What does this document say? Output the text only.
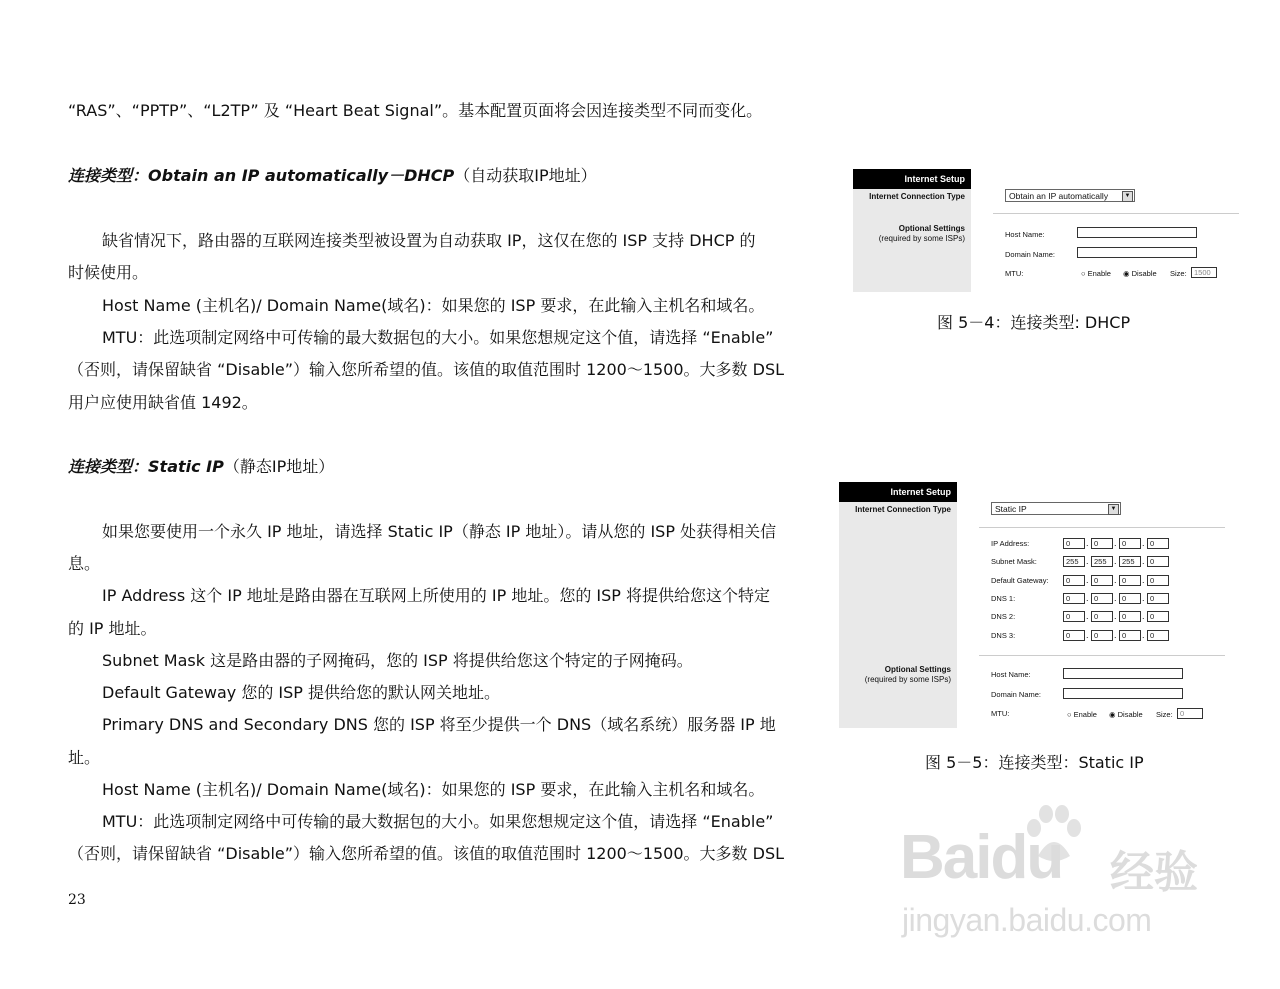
“RAS”、“PPTP”、“L2TP” 及 “Heart Beat Signal”。基本配置页面将会因连接类型不同而变化。
连接类型：Obtain an IP automatically－DHCP（自动获取IP地址）
缺省情况下，路由器的互联网连接类型被设置为自动获取 IP，这仅在您的 ISP 支持 DHCP 的
时候使用。
Host Name (主机名)/ Domain Name(域名)：如果您的 ISP 要求，在此输入主机名和域名。
MTU：此选项制定网络中可传输的最大数据包的大小。如果您想规定这个值，请选择 “Enable”
（否则，请保留缺省 “Disable”）输入您所希望的值。该值的取值范围时 1200～1500。大多数 DSL
用户应使用缺省值 1492。
连接类型：Static IP（静态IP地址）
如果您要使用一个永久 IP 地址，请选择 Static IP（静态 IP 地址）。请从您的 ISP 处获得相关信
息。
IP Address 这个 IP 地址是路由器在互联网上所使用的 IP 地址。您的 ISP 将提供给您这个特定
的 IP 地址。
Subnet Mask 这是路由器的子网掩码，您的 ISP 将提供给您这个特定的子网掩码。
Default Gateway 您的 ISP 提供给您的默认网关地址。
Primary DNS and Secondary DNS 您的 ISP 将至少提供一个 DNS（域名系统）服务器 IP 地
址。
Host Name (主机名)/ Domain Name(域名)：如果您的 ISP 要求，在此输入主机名和域名。
MTU：此选项制定网络中可传输的最大数据包的大小。如果您想规定这个值，请选择 “Enable”
（否则，请保留缺省 “Disable”）输入您所希望的值。该值的取值范围时 1200～1500。大多数 DSL
23
Internet Setup
Internet Connection Type	Obtain an IP automatically	▼
Optional Settings
(required by some ISPs)	Host Name:
Domain Name:
MTU:	○ Enable ◉ Disable Size: 1500
图 5－4：连接类型: DHCP
Internet Setup
Internet Connection Type	Static IP	▼
IP Address:	0	. 0	. 0	. 0
Subnet Mask:	255 . 255 . 255 . 0
Default Gateway:	0	. 0	. 0	. 0
DNS 1:	0	. 0	. 0	. 0
DNS 2:	0	. 0	. 0	. 0
DNS 3:	0	. 0	. 0	. 0
Optional Settings
(required by some ISPs)
Host Name:
Domain Name:
MTU:	○ Enable ◉ Disable Size: 0
图 5－5：连接类型：Static IP
Baidu 经验
jingyan.baidu.com
